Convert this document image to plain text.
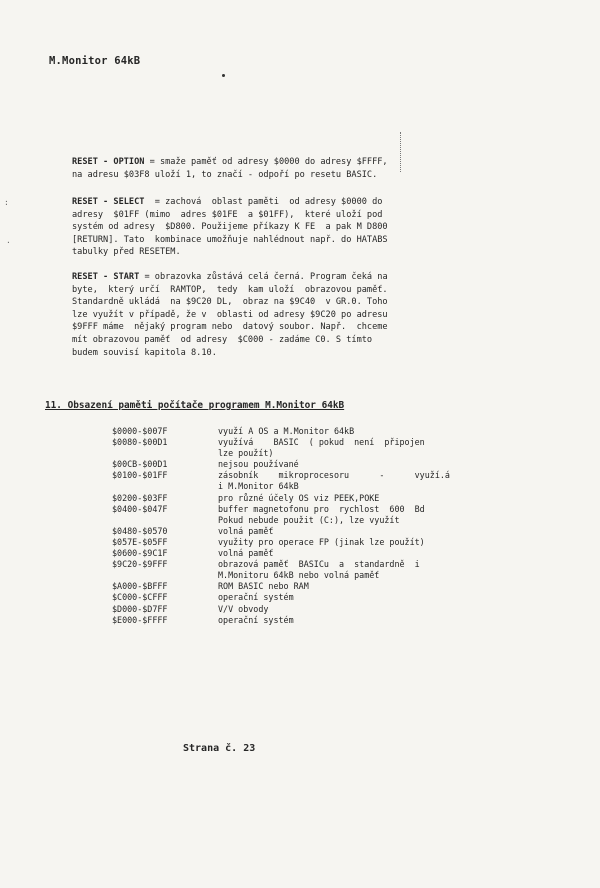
M.Monitor 64kB
:
·
RESET - OPTION = smaže paměť od adresy $0000 do adresy $FFFF,
na adresu $03F8 uloží 1, to značí - odpoří po resetu BASIC.
RESET - SELECT  = zachová  oblast paměti  od adresy $0000 do
adresy  $01FF (mimo  adres $01FE  a $01FF),  které uloží pod
systém od adresy  $D800. Použijeme příkazy K FE  a pak M D800
[RETURN]. Tato  kombinace umožňuje nahlédnout např. do HATABS
tabulky před RESETEM.
RESET - START = obrazovka zůstává celá černá. Program čeká na
byte,  který určí  RAMTOP,  tedy  kam uloží  obrazovou paměť.
Standardně ukládá  na $9C20 DL,  obraz na $9C40  v GR.0. Toho
lze využít v případě, že v  oblasti od adresy $9C20 po adresu
$9FFF máme  nějaký program nebo  datový soubor. Např.  chceme
mít obrazovou paměť  od adresy  $C000 - zadáme C0. S tímto
budem souvisí kapitola 8.10.
11. Obsazení paměti počítače programem M.Monitor 64kB
$0000-$007F	využí A OS a M.Monitor 64kB
$0080-$00D1	využívá    BASIC  ( pokud  není  připojen
lze použít)
$00CB-$00D1	nejsou používané
$0100-$01FF	zásobník    mikroprocesoru      -      využí.á
i M.Monitor 64kB
$0200-$03FF	pro různé účely OS viz PEEK,POKE
$0400-$047F	buffer magnetofonu pro  rychlost  600  Bd
Pokud nebude použit (C:), lze využít
$0480-$0570	volná paměť
$057E-$05FF	využity pro operace FP (jinak lze použít)
$0600-$9C1F	volná paměť
$9C20-$9FFF	obrazová paměť  BASICu  a  standardně  i
M.Monitoru 64kB nebo volná paměť
$A000-$BFFF	ROM BASIC nebo RAM
$C000-$CFFF	operační systém
$D000-$D7FF	V/V obvody
$E000-$FFFF	operační systém
Strana č. 23
